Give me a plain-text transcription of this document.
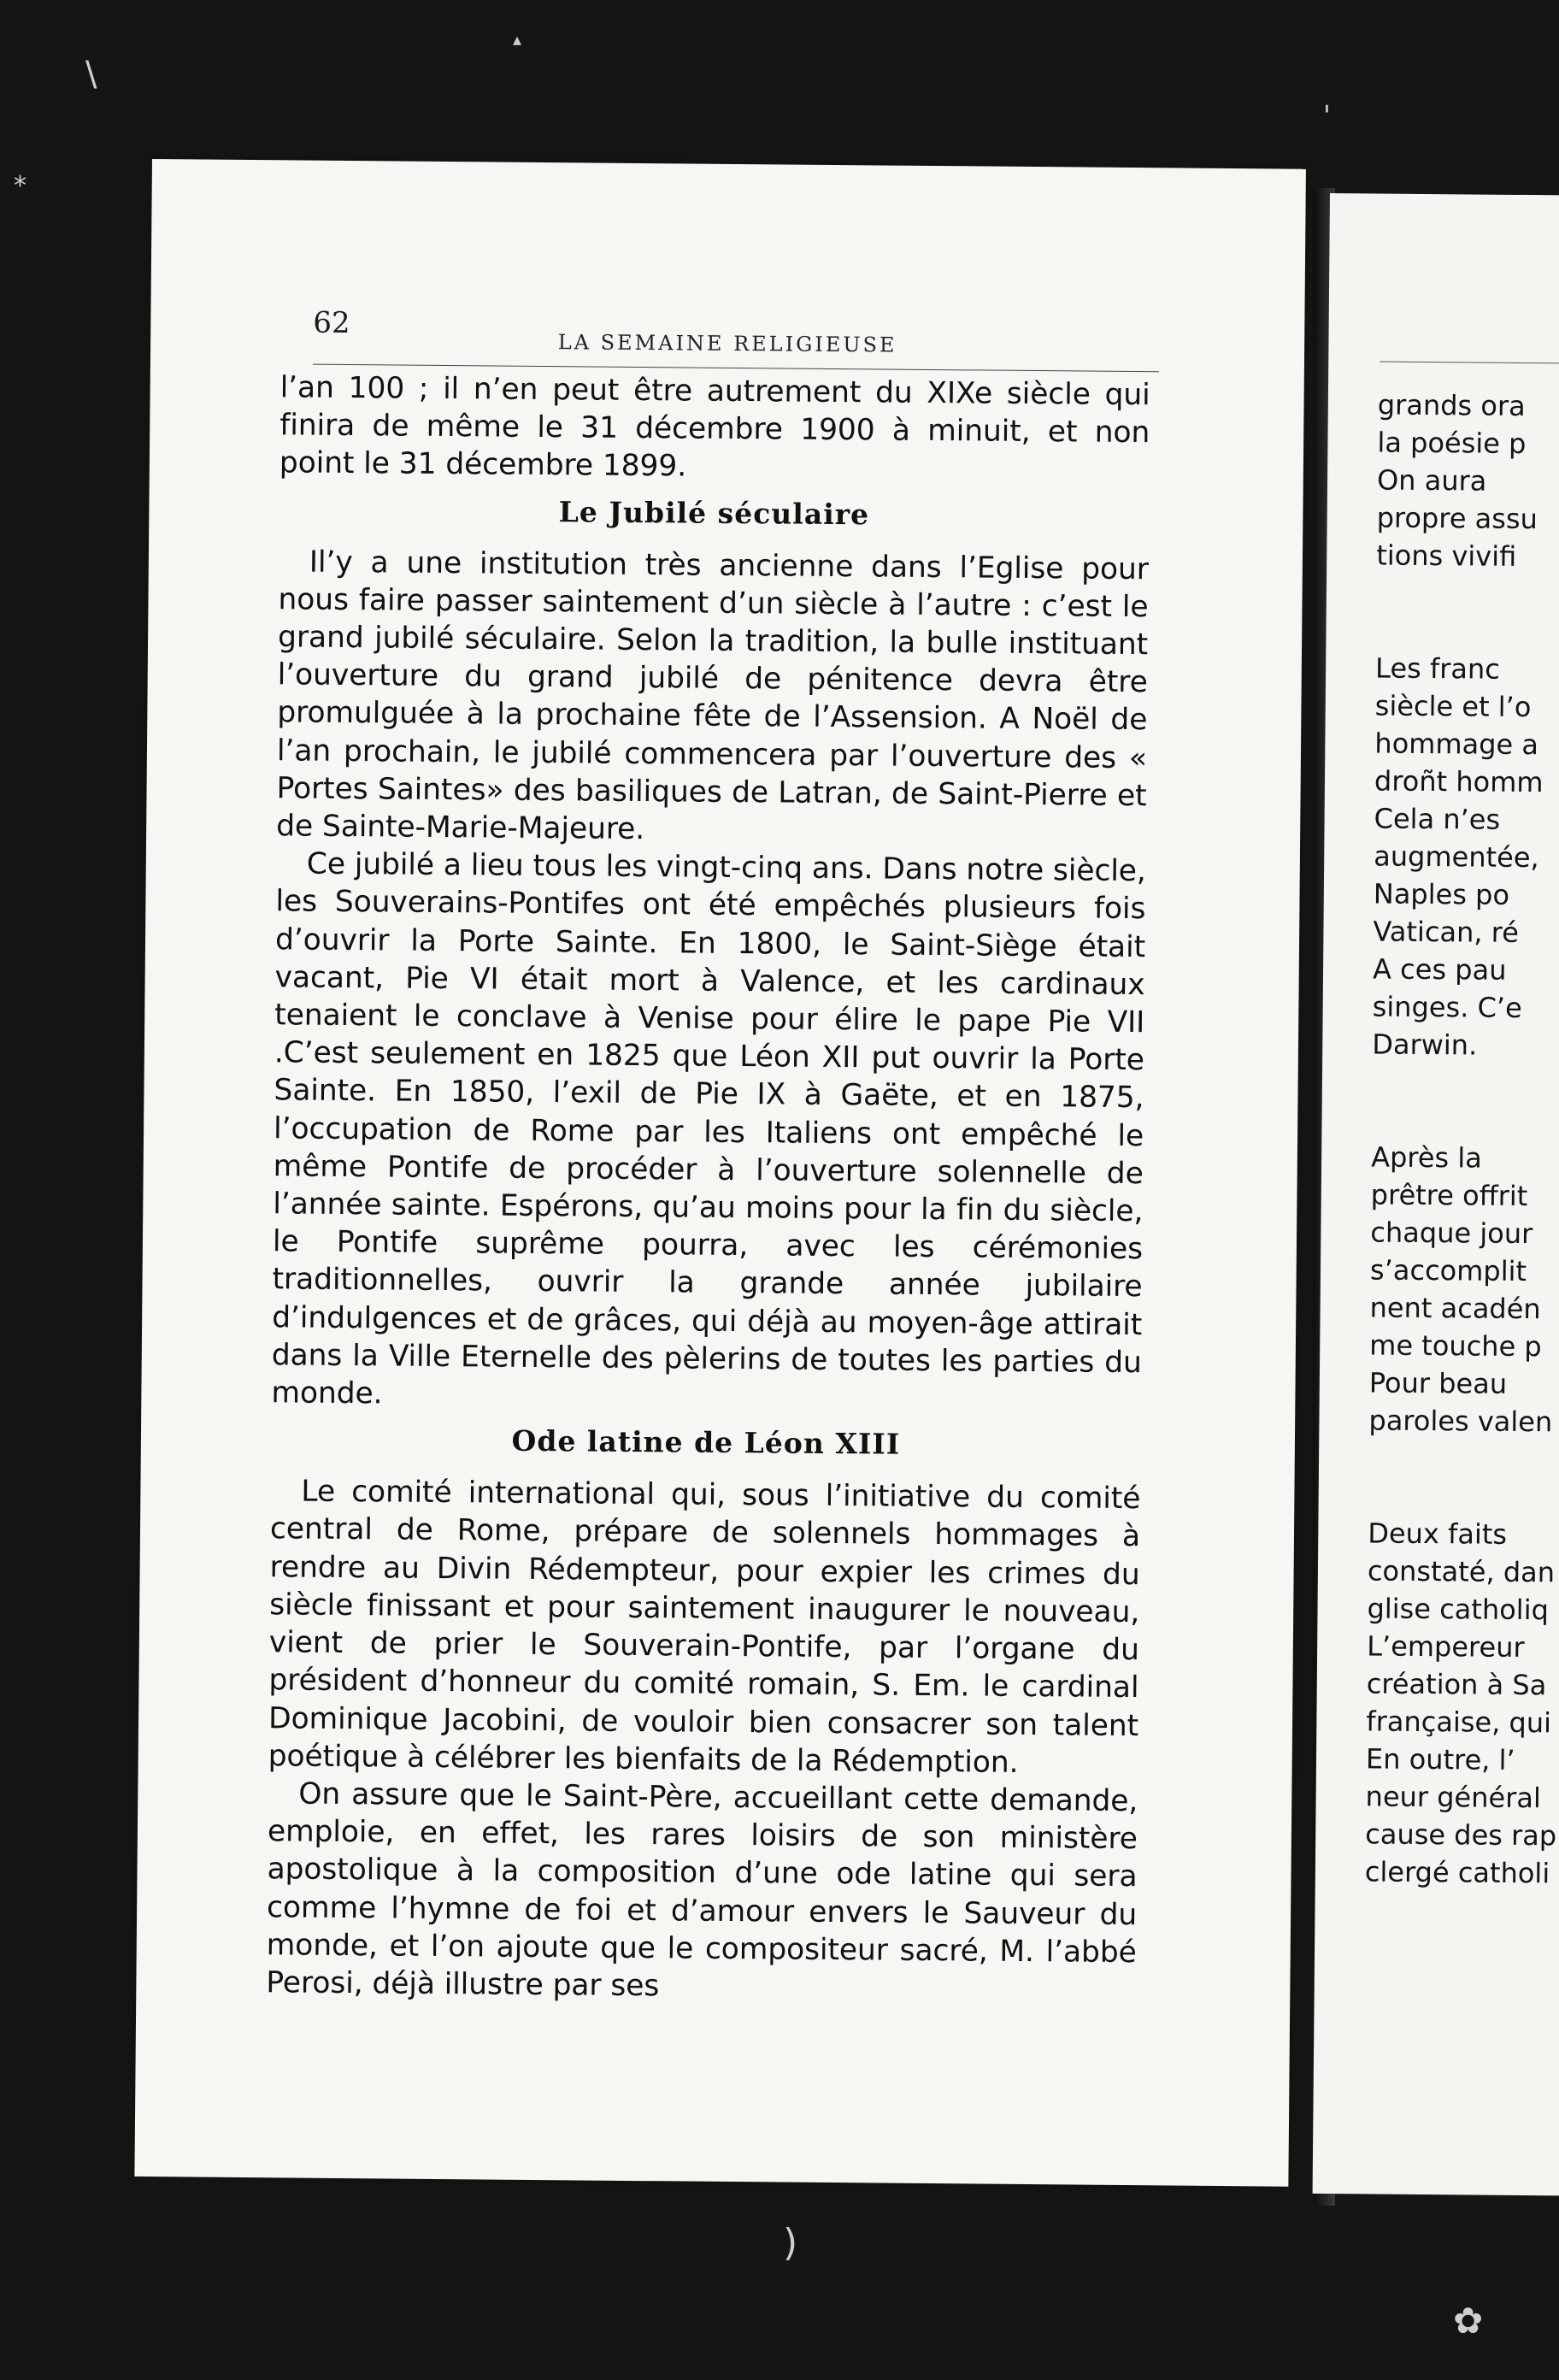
\
'
*
▴
)
✿
62
LA SEMAINE RELIGIEUSE

l’an 100 ; il n’en peut être autrement du XIXe siècle qui finira de même le 31 décembre 1900 à minuit, et non point le 31 décembre 1899.

Le Jubilé séculaire

Il’y a une institution très ancienne dans l’Eglise pour nous faire passer saintement d’un siècle à l’autre : c’est le grand jubilé séculaire. Selon la tradition, la bulle instituant l’ouverture du grand jubilé de pénitence devra être promulguée à la prochaine fête de l’Assension. A Noël de l’an prochain, le jubilé commencera par l’ouverture des « Portes Saintes» des basiliques de Latran, de Saint-Pierre et de Sainte-Marie-Majeure.

Ce jubilé a lieu tous les vingt-cinq ans. Dans notre siècle, les Souverains-Pontifes ont été empêchés plusieurs fois d’ouvrir la Porte Sainte. En 1800, le Saint-Siège était vacant, Pie VI était mort à Valence, et les cardinaux tenaient le conclave à Venise pour élire le pape Pie VII .C’est seulement en 1825 que Léon XII put ouvrir la Porte Sainte. En 1850, l’exil de Pie IX à Gaëte, et en 1875, l’occupation de Rome par les Italiens ont empêché le même Pontife de procéder à l’ouverture solennelle de l’année sainte. Espérons, qu’au moins pour la fin du siècle, le Pontife suprême pourra, avec les cérémonies traditionnelles, ouvrir la grande année jubilaire d’indulgences et de grâces, qui déjà au moyen-âge attirait dans la Ville Eternelle des pèlerins de toutes les parties du monde.

Ode latine de Léon XIII

Le comité international qui, sous l’initiative du comité central de Rome, prépare de solennels hommages à rendre au Divin Rédempteur, pour expier les crimes du siècle finissant et pour saintement inaugurer le nouveau, vient de prier le Souverain-Pontife, par l’organe du président d’honneur du comité romain, S. Em. le cardinal Dominique Jacobini, de vouloir bien consacrer son talent poétique à célébrer les bienfaits de la Rédemption.

On assure que le Saint-Père, accueillant cette demande, emploie, en effet, les rares loisirs de son ministère apostolique à la composition d’une ode latine qui sera comme l’hymne de foi et d’amour envers le Sauveur du monde, et l’on ajoute que le compositeur sacré, M. l’abbé Perosi, déjà illustre par ses

grands ora
la poésie p
On aura
propre assu
tions vivifi
Les franc
siècle et l’o
hommage a
droñt homm
Cela n’es
augmentée,
Naples po
Vatican, ré
A ces pau
singes. C’e
Darwin.
Après la
prêtre offrit
chaque jour
s’accomplit
nent acadén
me touche p
Pour beau
paroles valen
Deux faits
constaté, dan
glise catholiq
L’empereur
création à Sa
française, qui
En outre, l’
neur général
cause des rap
clergé catholi
